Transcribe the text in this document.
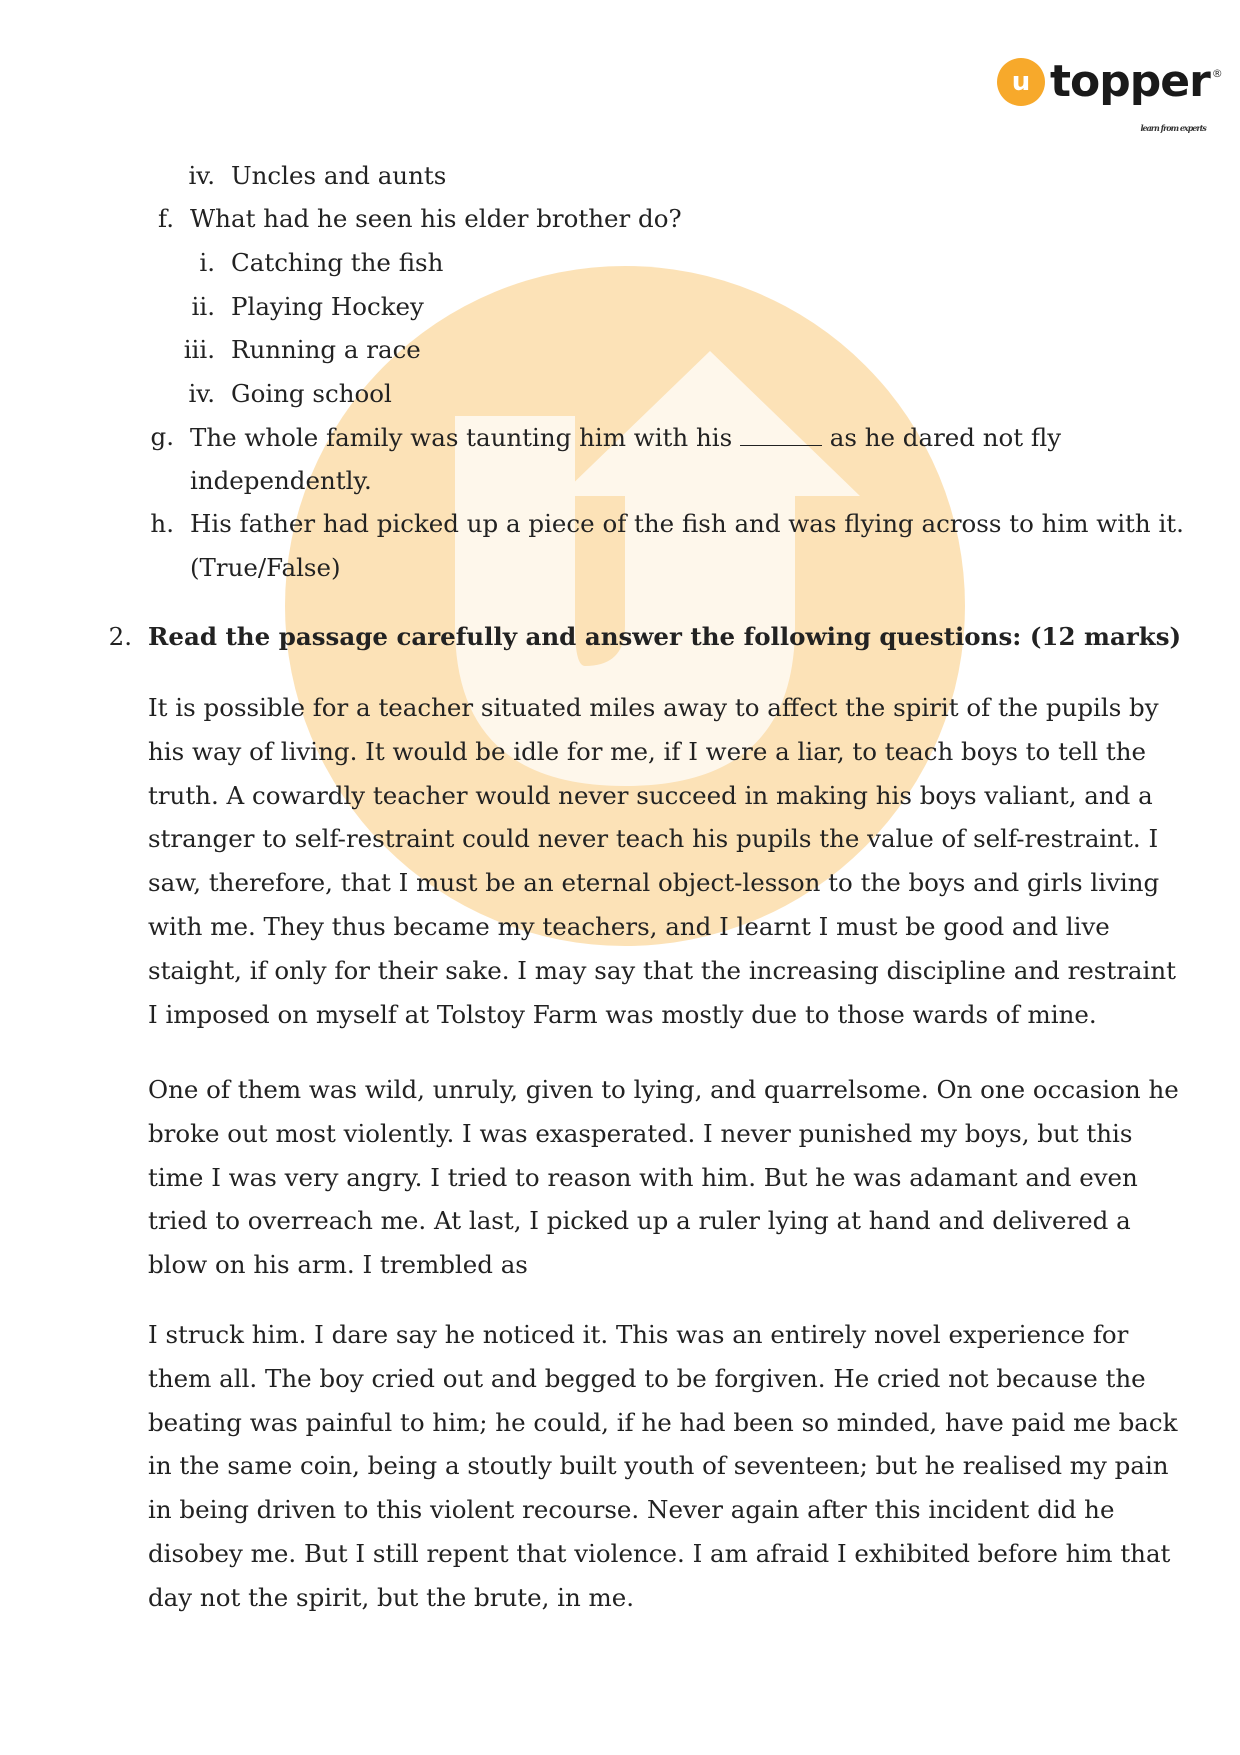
u topper ®
learn from experts
iv. Uncles and aunts
f. What had he seen his elder brother do?
i. Catching the fish
ii. Playing Hockey
iii. Running a race
iv. Going school
g. The whole family was taunting him with his	as he dared not fly
independently.
h. His father had picked up a piece of the fish and was flying across to him with it.
(True/False)
2. Read the passage carefully and answer the following questions: (12 marks)
It is possible for a teacher situated miles away to affect the spirit of the pupils by his way of living. It would be idle for me, if I were a liar, to teach boys to tell the truth. A cowardly teacher would never succeed in making his boys valiant, and a stranger to self-restraint could never teach his pupils the value of self-restraint. I saw, therefore, that I must be an eternal object-lesson to the boys and girls living with me. They thus became my teachers, and I learnt I must be good and live staight, if only for their sake. I may say that the increasing discipline and restraint I imposed on myself at Tolstoy Farm was mostly due to those wards of mine.
One of them was wild, unruly, given to lying, and quarrelsome. On one occasion he broke out most violently. I was exasperated. I never punished my boys, but this time I was very angry. I tried to reason with him. But he was adamant and even tried to overreach me. At last, I picked up a ruler lying at hand and delivered a blow on his arm. I trembled as
I struck him. I dare say he noticed it. This was an entirely novel experience for them all. The boy cried out and begged to be forgiven. He cried not because the beating was painful to him; he could, if he had been so minded, have paid me back in the same coin, being a stoutly built youth of seventeen; but he realised my pain in being driven to this violent recourse. Never again after this incident did he disobey me. But I still repent that violence. I am afraid I exhibited before him that day not the spirit, but the brute, in me.
